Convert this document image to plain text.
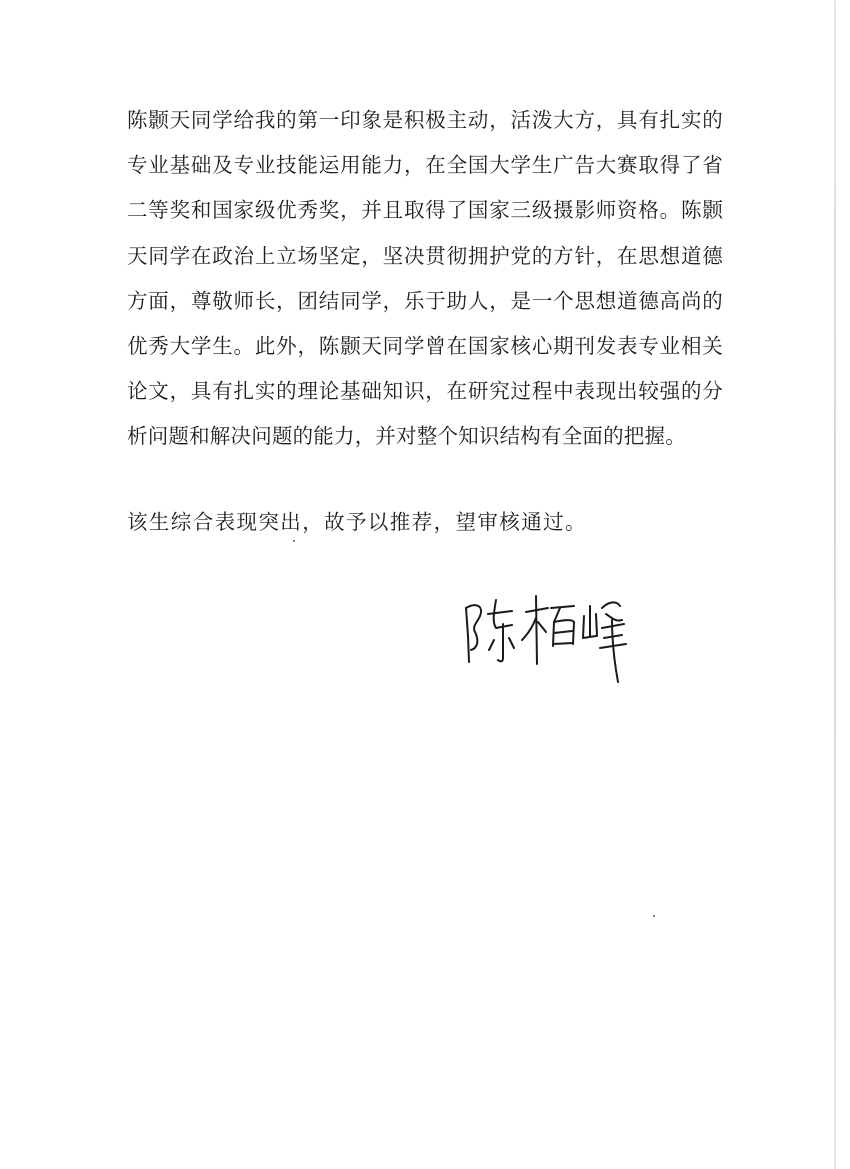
陈颢天同学给我的第一印象是积极主动，活泼大方，具有扎实的专业基础及专业技能运用能力，在全国大学生广告大赛取得了省二等奖和国家级优秀奖，并且取得了国家三级摄影师资格。陈颢天同学在政治上立场坚定，坚决贯彻拥护党的方针，在思想道德方面，尊敬师长，团结同学，乐于助人，是一个思想道德高尚的优秀大学生。此外，陈颢天同学曾在国家核心期刊发表专业相关论文，具有扎实的理论基础知识，在研究过程中表现出较强的分析问题和解决问题的能力，并对整个知识结构有全面的把握。

该生综合表现突出，故予以推荐，望审核通过。
